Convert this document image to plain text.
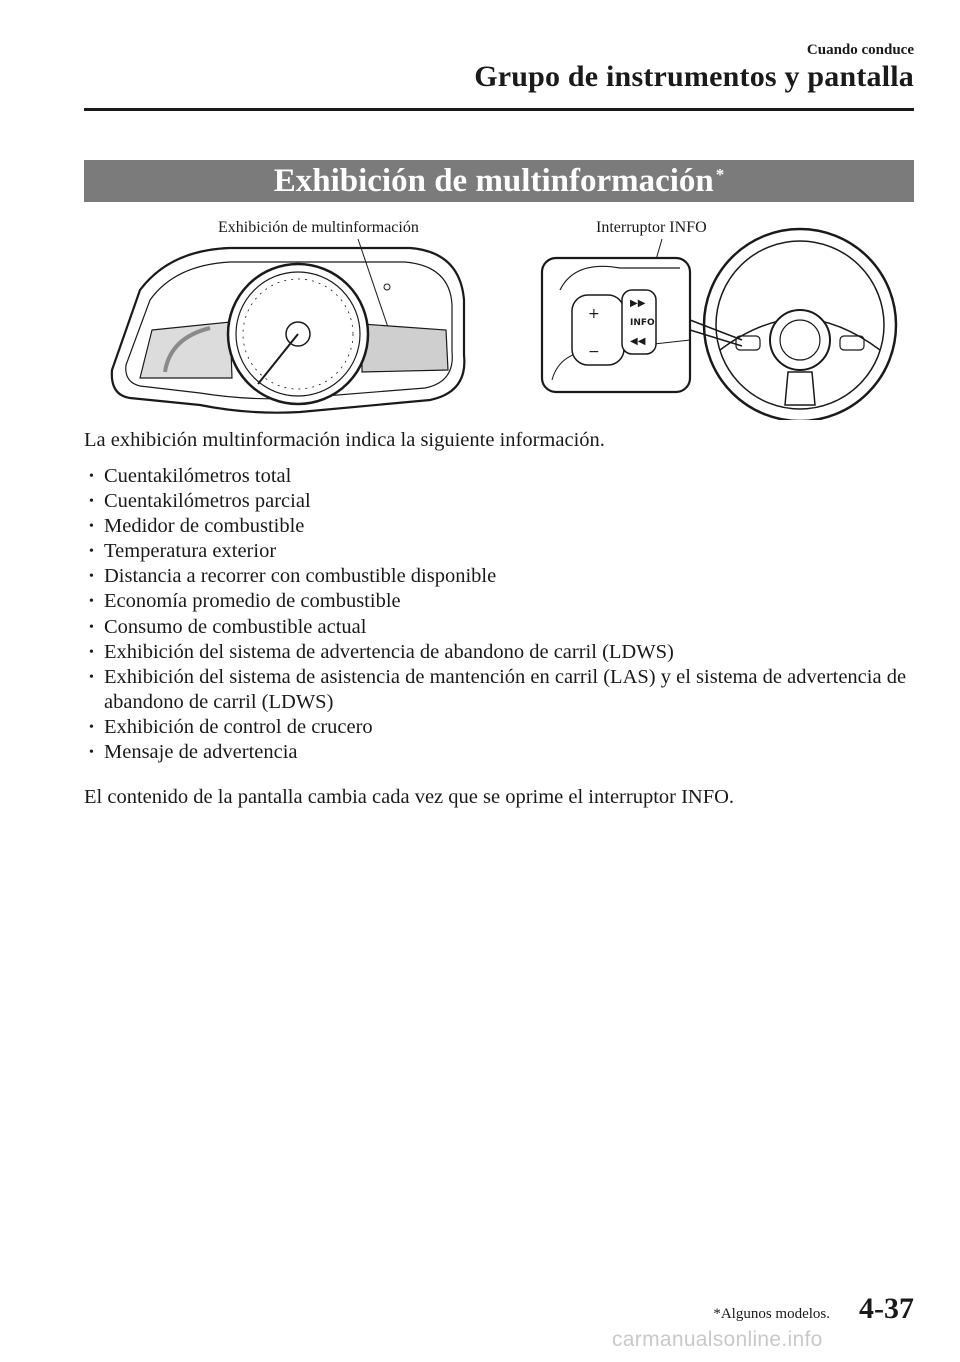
Cuando conduce
Grupo de instrumentos y pantalla
Exhibición de multinformación*
Exhibición de multinformación	Interruptor INFO
+
−
▶▶
INFO
◀◀
La exhibición multinformación indica la siguiente información.
• Cuentakilómetros total
• Cuentakilómetros parcial
• Medidor de combustible
• Temperatura exterior
• Distancia a recorrer con combustible disponible
• Economía promedio de combustible
• Consumo de combustible actual
• Exhibición del sistema de advertencia de abandono de carril (LDWS)
• Exhibición del sistema de asistencia de mantención en carril (LAS) y el sistema de advertencia de abandono de carril (LDWS)
• Exhibición de control de crucero
• Mensaje de advertencia
El contenido de la pantalla cambia cada vez que se oprime el interruptor INFO.
*Algunos modelos. 4-37
carmanualsonline.info
